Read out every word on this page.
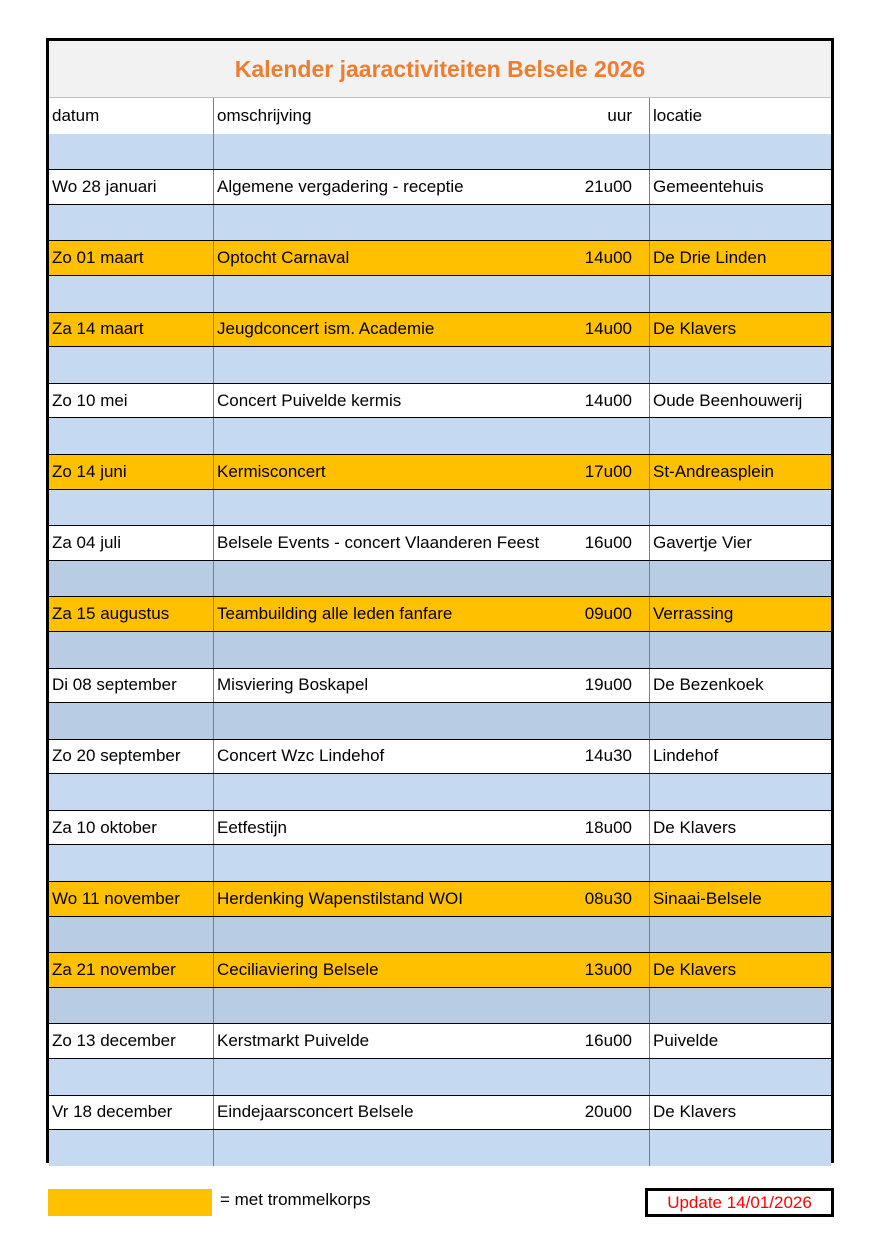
Kalender jaaractiviteiten Belsele 2026
datum	omschrijving	uur	locatie
Wo 28 januari	Algemene vergadering - receptie	21u00	Gemeentehuis
Zo 01 maart	Optocht Carnaval	14u00	De Drie Linden
Za 14 maart	Jeugdconcert ism. Academie	14u00	De Klavers
Zo 10 mei	Concert Puivelde kermis	14u00	Oude Beenhouwerij
Zo 14 juni	Kermisconcert	17u00	St-Andreasplein
Za 04 juli	Belsele Events - concert Vlaanderen Feest	16u00	Gavertje Vier
Za 15 augustus	Teambuilding alle leden fanfare	09u00	Verrassing
Di 08 september	Misviering Boskapel	19u00	De Bezenkoek
Zo 20 september	Concert Wzc Lindehof	14u30	Lindehof
Za 10 oktober	Eetfestijn	18u00	De Klavers
Wo 11 november	Herdenking Wapenstilstand WOI	08u30	Sinaai-Belsele
Za 21 november	Ceciliaviering Belsele	13u00	De Klavers
Zo 13 december	Kerstmarkt Puivelde	16u00	Puivelde
Vr 18 december	Eindejaarsconcert Belsele	20u00	De Klavers
= met trommelkorps	Update 14/01/2026
